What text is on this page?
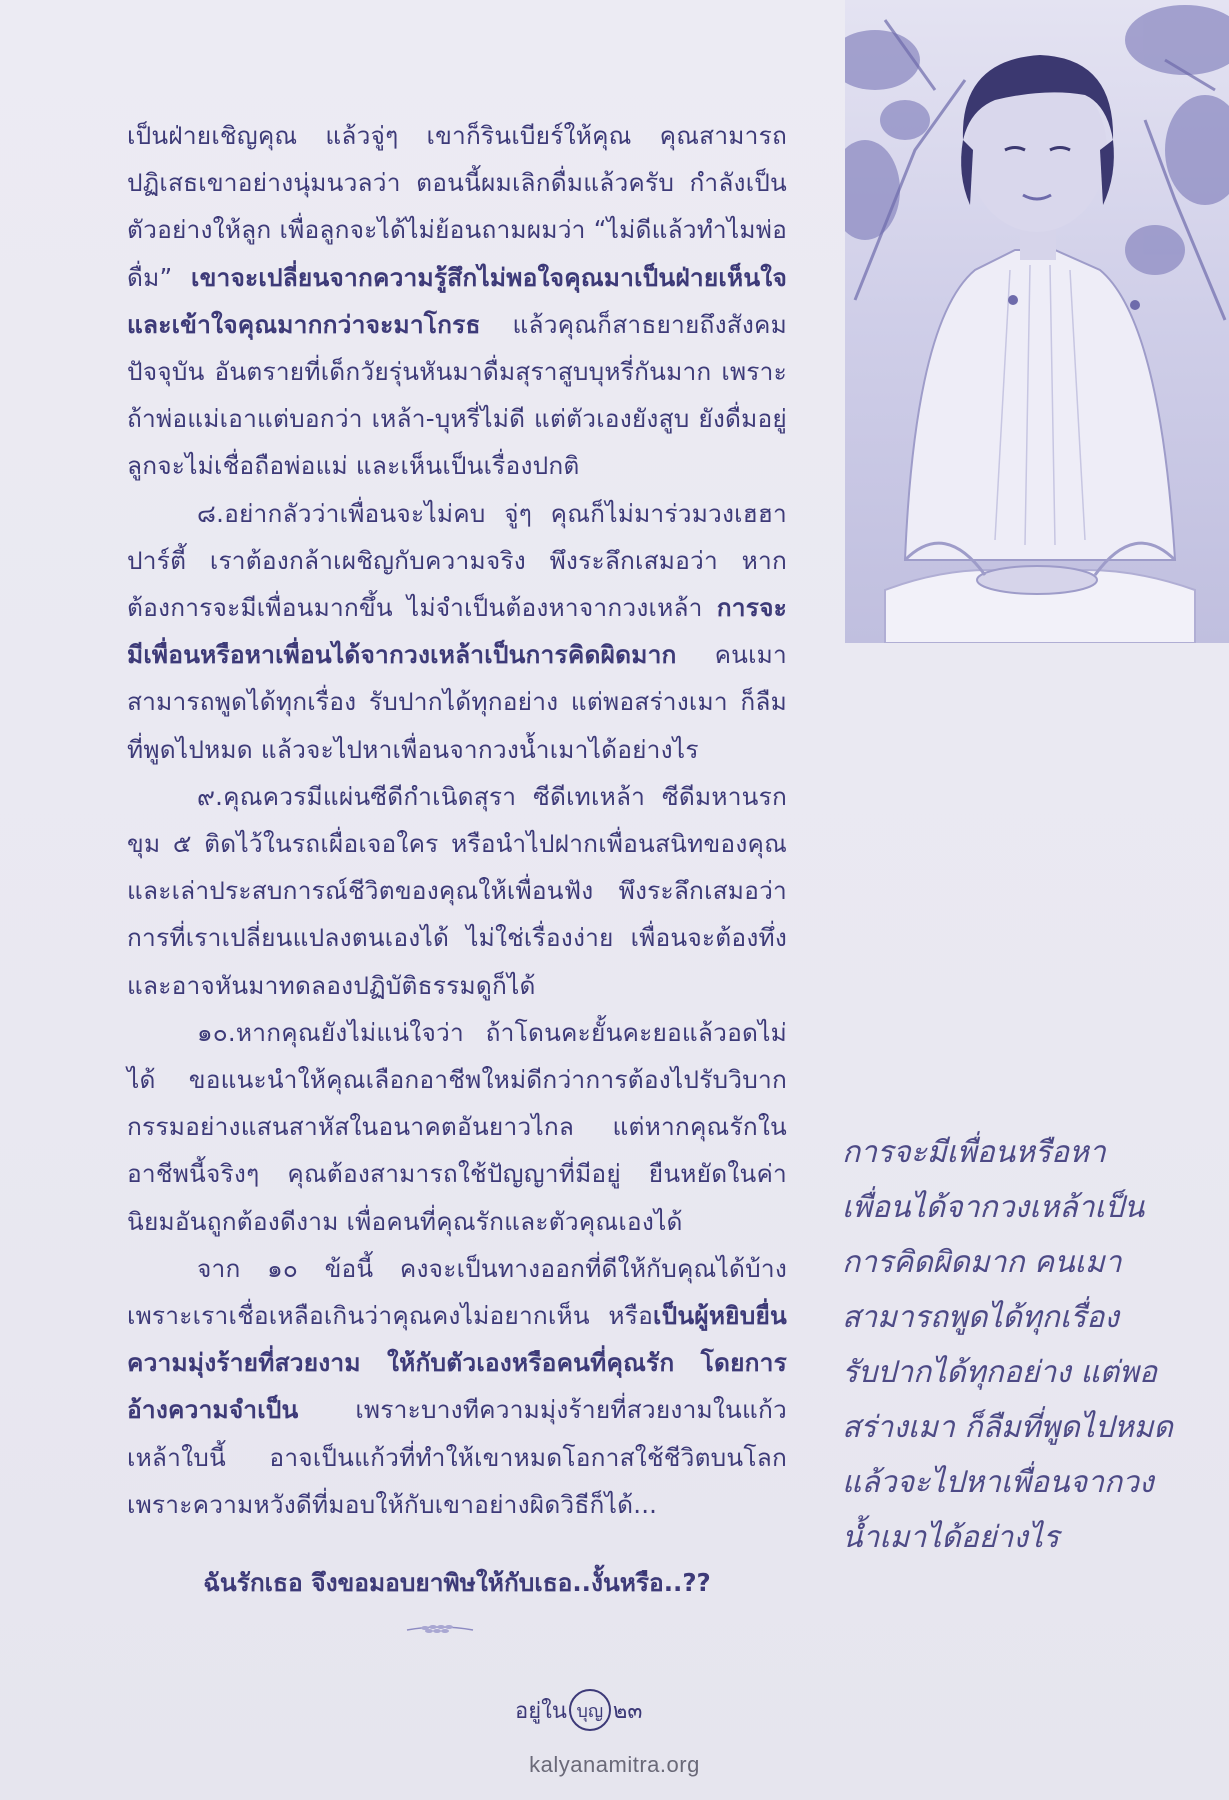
เป็นฝ่ายเชิญคุณ แล้วจู่ๆ เขาก็รินเบียร์ให้คุณ คุณสามารถปฏิเสธเขาอย่างนุ่มนวลว่า ตอนนี้ผมเลิกดื่มแล้วครับ กำลังเป็นตัวอย่างให้ลูก เพื่อลูกจะได้ไม่ย้อนถามผมว่า “ไม่ดีแล้วทำไมพ่อดื่ม” เขาจะเปลี่ยนจากความรู้สึกไม่พอใจคุณมาเป็นฝ่ายเห็นใจ และเข้าใจคุณมากกว่าจะมาโกรธ แล้วคุณก็สาธยายถึงสังคมปัจจุบัน อันตรายที่เด็กวัยรุ่นหันมาดื่มสุราสูบบุหรี่กันมาก เพราะถ้าพ่อแม่เอาแต่บอกว่า เหล้า-บุหรี่ไม่ดี แต่ตัวเองยังสูบ ยังดื่มอยู่ ลูกจะไม่เชื่อถือพ่อแม่ และเห็นเป็นเรื่องปกติ

๘.อย่ากลัวว่าเพื่อนจะไม่คบ จู่ๆ คุณก็ไม่มาร่วมวงเฮฮาปาร์ตี้ เราต้องกล้าเผชิญกับความจริง พึงระลึกเสมอว่า หากต้องการจะมีเพื่อนมากขึ้น ไม่จำเป็นต้องหาจากวงเหล้า การจะมีเพื่อนหรือหาเพื่อนได้จากวงเหล้าเป็นการคิดผิดมาก คนเมาสามารถพูดได้ทุกเรื่อง รับปากได้ทุกอย่าง แต่พอสร่างเมา ก็ลืมที่พูดไปหมด แล้วจะไปหาเพื่อนจากวงน้ำเมาได้อย่างไร

๙.คุณควรมีแผ่นซีดีกำเนิดสุรา ซีดีเทเหล้า ซีดีมหานรกขุม ๕ ติดไว้ในรถเผื่อเจอใคร หรือนำไปฝากเพื่อนสนิทของคุณ และเล่าประสบการณ์ชีวิตของคุณให้เพื่อนฟัง พึงระลึกเสมอว่า การที่เราเปลี่ยนแปลงตนเองได้ ไม่ใช่เรื่องง่าย เพื่อนจะต้องทึ่งและอาจหันมาทดลองปฏิบัติธรรมดูก็ได้

๑๐.หากคุณยังไม่แน่ใจว่า ถ้าโดนคะยั้นคะยอแล้วอดไม่ได้ ขอแนะนำให้คุณเลือกอาชีพใหม่ดีกว่าการต้องไปรับวิบากกรรมอย่างแสนสาหัสในอนาคตอันยาวไกล แต่หากคุณรักในอาชีพนี้จริงๆ คุณต้องสามารถใช้ปัญญาที่มีอยู่ ยืนหยัดในค่านิยมอันถูกต้องดีงาม เพื่อคนที่คุณรักและตัวคุณเองได้

จาก ๑๐ ข้อนี้ คงจะเป็นทางออกที่ดีให้กับคุณได้บ้าง เพราะเราเชื่อเหลือเกินว่าคุณคงไม่อยากเห็น หรือเป็นผู้หยิบยื่นความมุ่งร้ายที่สวยงาม ให้กับตัวเองหรือคนที่คุณรัก โดยการอ้างความจำเป็น เพราะบางทีความมุ่งร้ายที่สวยงามในแก้วเหล้าใบนี้ อาจเป็นแก้วที่ทำให้เขาหมดโอกาสใช้ชีวิตบนโลก เพราะความหวังดีที่มอบให้กับเขาอย่างผิดวิธีก็ได้...

ฉันรักเธอ จึงขอมอบยาพิษให้กับเธอ..งั้นหรือ..??
การจะมีเพื่อนหรือหา
เพื่อนได้จากวงเหล้าเป็น
การคิดผิดมาก คนเมา
สามารถพูดได้ทุกเรื่อง
รับปากได้ทุกอย่าง แต่พอ
สร่างเมา ก็ลืมที่พูดไปหมด
แล้วจะไปหาเพื่อนจากวง
น้ำเมาได้อย่างไร
อยู่ใน บุญ ๒๓
kalyanamitra.org
